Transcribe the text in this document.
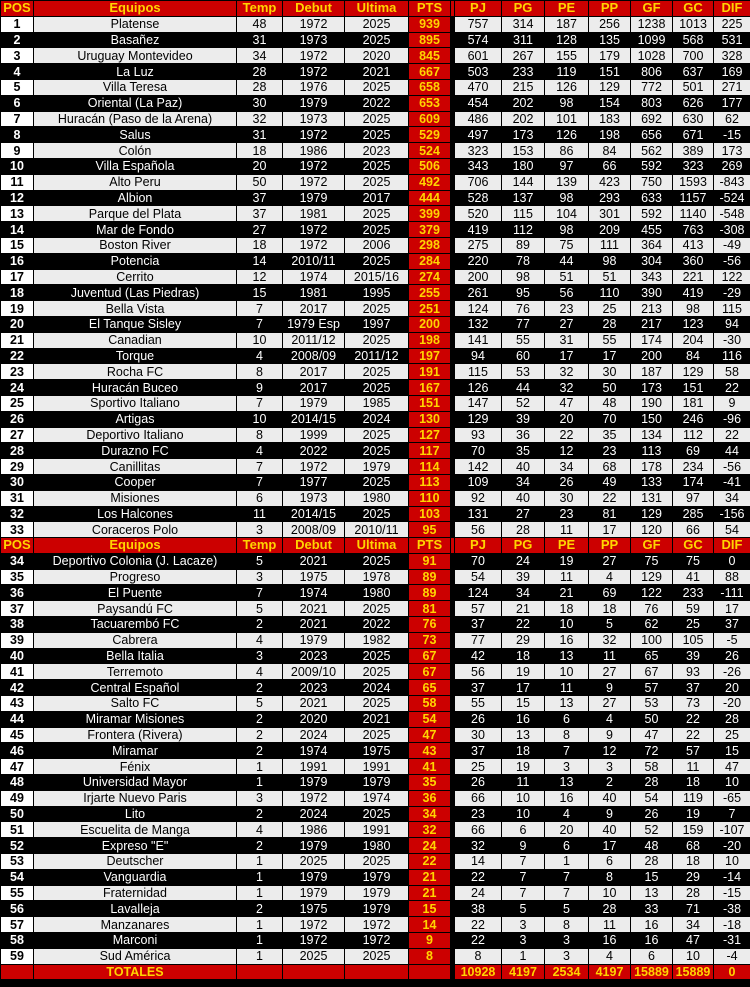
POS	Equipos	Temp	Debut	Ultima	PTS		PJ	PG	PE	PP	GF	GC	DIF
1	Platense	48	1972	2025	939		757	314	187	256	1238	1013	225
2	Basañez	31	1973	2025	895		574	311	128	135	1099	568	531
3	Uruguay Montevideo	34	1972	2020	845		601	267	155	179	1028	700	328
4	La Luz	28	1972	2021	667		503	233	119	151	806	637	169
5	Villa Teresa	28	1976	2025	658		470	215	126	129	772	501	271
6	Oriental (La Paz)	30	1979	2022	653		454	202	98	154	803	626	177
7	Huracán (Paso de la Arena)	32	1973	2025	609		486	202	101	183	692	630	62
8	Salus	31	1972	2025	529		497	173	126	198	656	671	-15
9	Colón	18	1986	2023	524		323	153	86	84	562	389	173
10	Villa Española	20	1972	2025	506		343	180	97	66	592	323	269
11	Alto Peru	50	1972	2025	492		706	144	139	423	750	1593	-843
12	Albion	37	1979	2017	444		528	137	98	293	633	1157	-524
13	Parque del Plata	37	1981	2025	399		520	115	104	301	592	1140	-548
14	Mar de Fondo	27	1972	2025	379		419	112	98	209	455	763	-308
15	Boston River	18	1972	2006	298		275	89	75	111	364	413	-49
16	Potencia	14	2010/11	2025	284		220	78	44	98	304	360	-56
17	Cerrito	12	1974	2015/16	274		200	98	51	51	343	221	122
18	Juventud (Las Piedras)	15	1981	1995	255		261	95	56	110	390	419	-29
19	Bella Vista	7	2017	2025	251		124	76	23	25	213	98	115
20	El Tanque Sisley	7	1979 Esp	1997	200		132	77	27	28	217	123	94
21	Canadian	10	2011/12	2025	198		141	55	31	55	174	204	-30
22	Torque	4	2008/09	2011/12	197		94	60	17	17	200	84	116
23	Rocha FC	8	2017	2025	191		115	53	32	30	187	129	58
24	Huracán Buceo	9	2017	2025	167		126	44	32	50	173	151	22
25	Sportivo Italiano	7	1979	1985	151		147	52	47	48	190	181	9
26	Artigas	10	2014/15	2024	130		129	39	20	70	150	246	-96
27	Deportivo Italiano	8	1999	2025	127		93	36	22	35	134	112	22
28	Durazno FC	4	2022	2025	117		70	35	12	23	113	69	44
29	Canillitas	7	1972	1979	114		142	40	34	68	178	234	-56
30	Cooper	7	1977	2025	113		109	34	26	49	133	174	-41
31	Misiones	6	1973	1980	110		92	40	30	22	131	97	34
32	Los Halcones	11	2014/15	2025	103		131	27	23	81	129	285	-156
33	Coraceros Polo	3	2008/09	2010/11	95		56	28	11	17	120	66	54
POS	Equipos	Temp	Debut	Ultima	PTS		PJ	PG	PE	PP	GF	GC	DIF
34	Deportivo Colonia (J. Lacaze)	5	2021	2025	91		70	24	19	27	75	75	0
35	Progreso	3	1975	1978	89		54	39	11	4	129	41	88
36	El Puente	7	1974	1980	89		124	34	21	69	122	233	-111
37	Paysandú FC	5	2021	2025	81		57	21	18	18	76	59	17
38	Tacuarembó FC	2	2021	2022	76		37	22	10	5	62	25	37
39	Cabrera	4	1979	1982	73		77	29	16	32	100	105	-5
40	Bella Italia	3	2023	2025	67		42	18	13	11	65	39	26
41	Terremoto	4	2009/10	2025	67		56	19	10	27	67	93	-26
42	Central Español	2	2023	2024	65		37	17	11	9	57	37	20
43	Salto FC	5	2021	2025	58		55	15	13	27	53	73	-20
44	Miramar Misiones	2	2020	2021	54		26	16	6	4	50	22	28
45	Frontera (Rivera)	2	2024	2025	47		30	13	8	9	47	22	25
46	Miramar	2	1974	1975	43		37	18	7	12	72	57	15
47	Fénix	1	1991	1991	41		25	19	3	3	58	11	47
48	Universidad Mayor	1	1979	1979	35		26	11	13	2	28	18	10
49	Irjarte Nuevo Paris	3	1972	1974	36		66	10	16	40	54	119	-65
50	Lito	2	2024	2025	34		23	10	4	9	26	19	7
51	Escuelita de Manga	4	1986	1991	32		66	6	20	40	52	159	-107
52	Expreso "E"	2	1979	1980	24		32	9	6	17	48	68	-20
53	Deutscher	1	2025	2025	22		14	7	1	6	28	18	10
54	Vanguardia	1	1979	1979	21		22	7	7	8	15	29	-14
55	Fraternidad	1	1979	1979	21		24	7	7	10	13	28	-15
56	Lavalleja	2	1975	1979	15		38	5	5	28	33	71	-38
57	Manzanares	1	1972	1972	14		22	3	8	11	16	34	-18
58	Marconi	1	1972	1972	9		22	3	3	16	16	47	-31
59	Sud América	1	2025	2025	8		8	1	3	4	6	10	-4
	TOTALES						10928	4197	2534	4197	15889	15889	0
